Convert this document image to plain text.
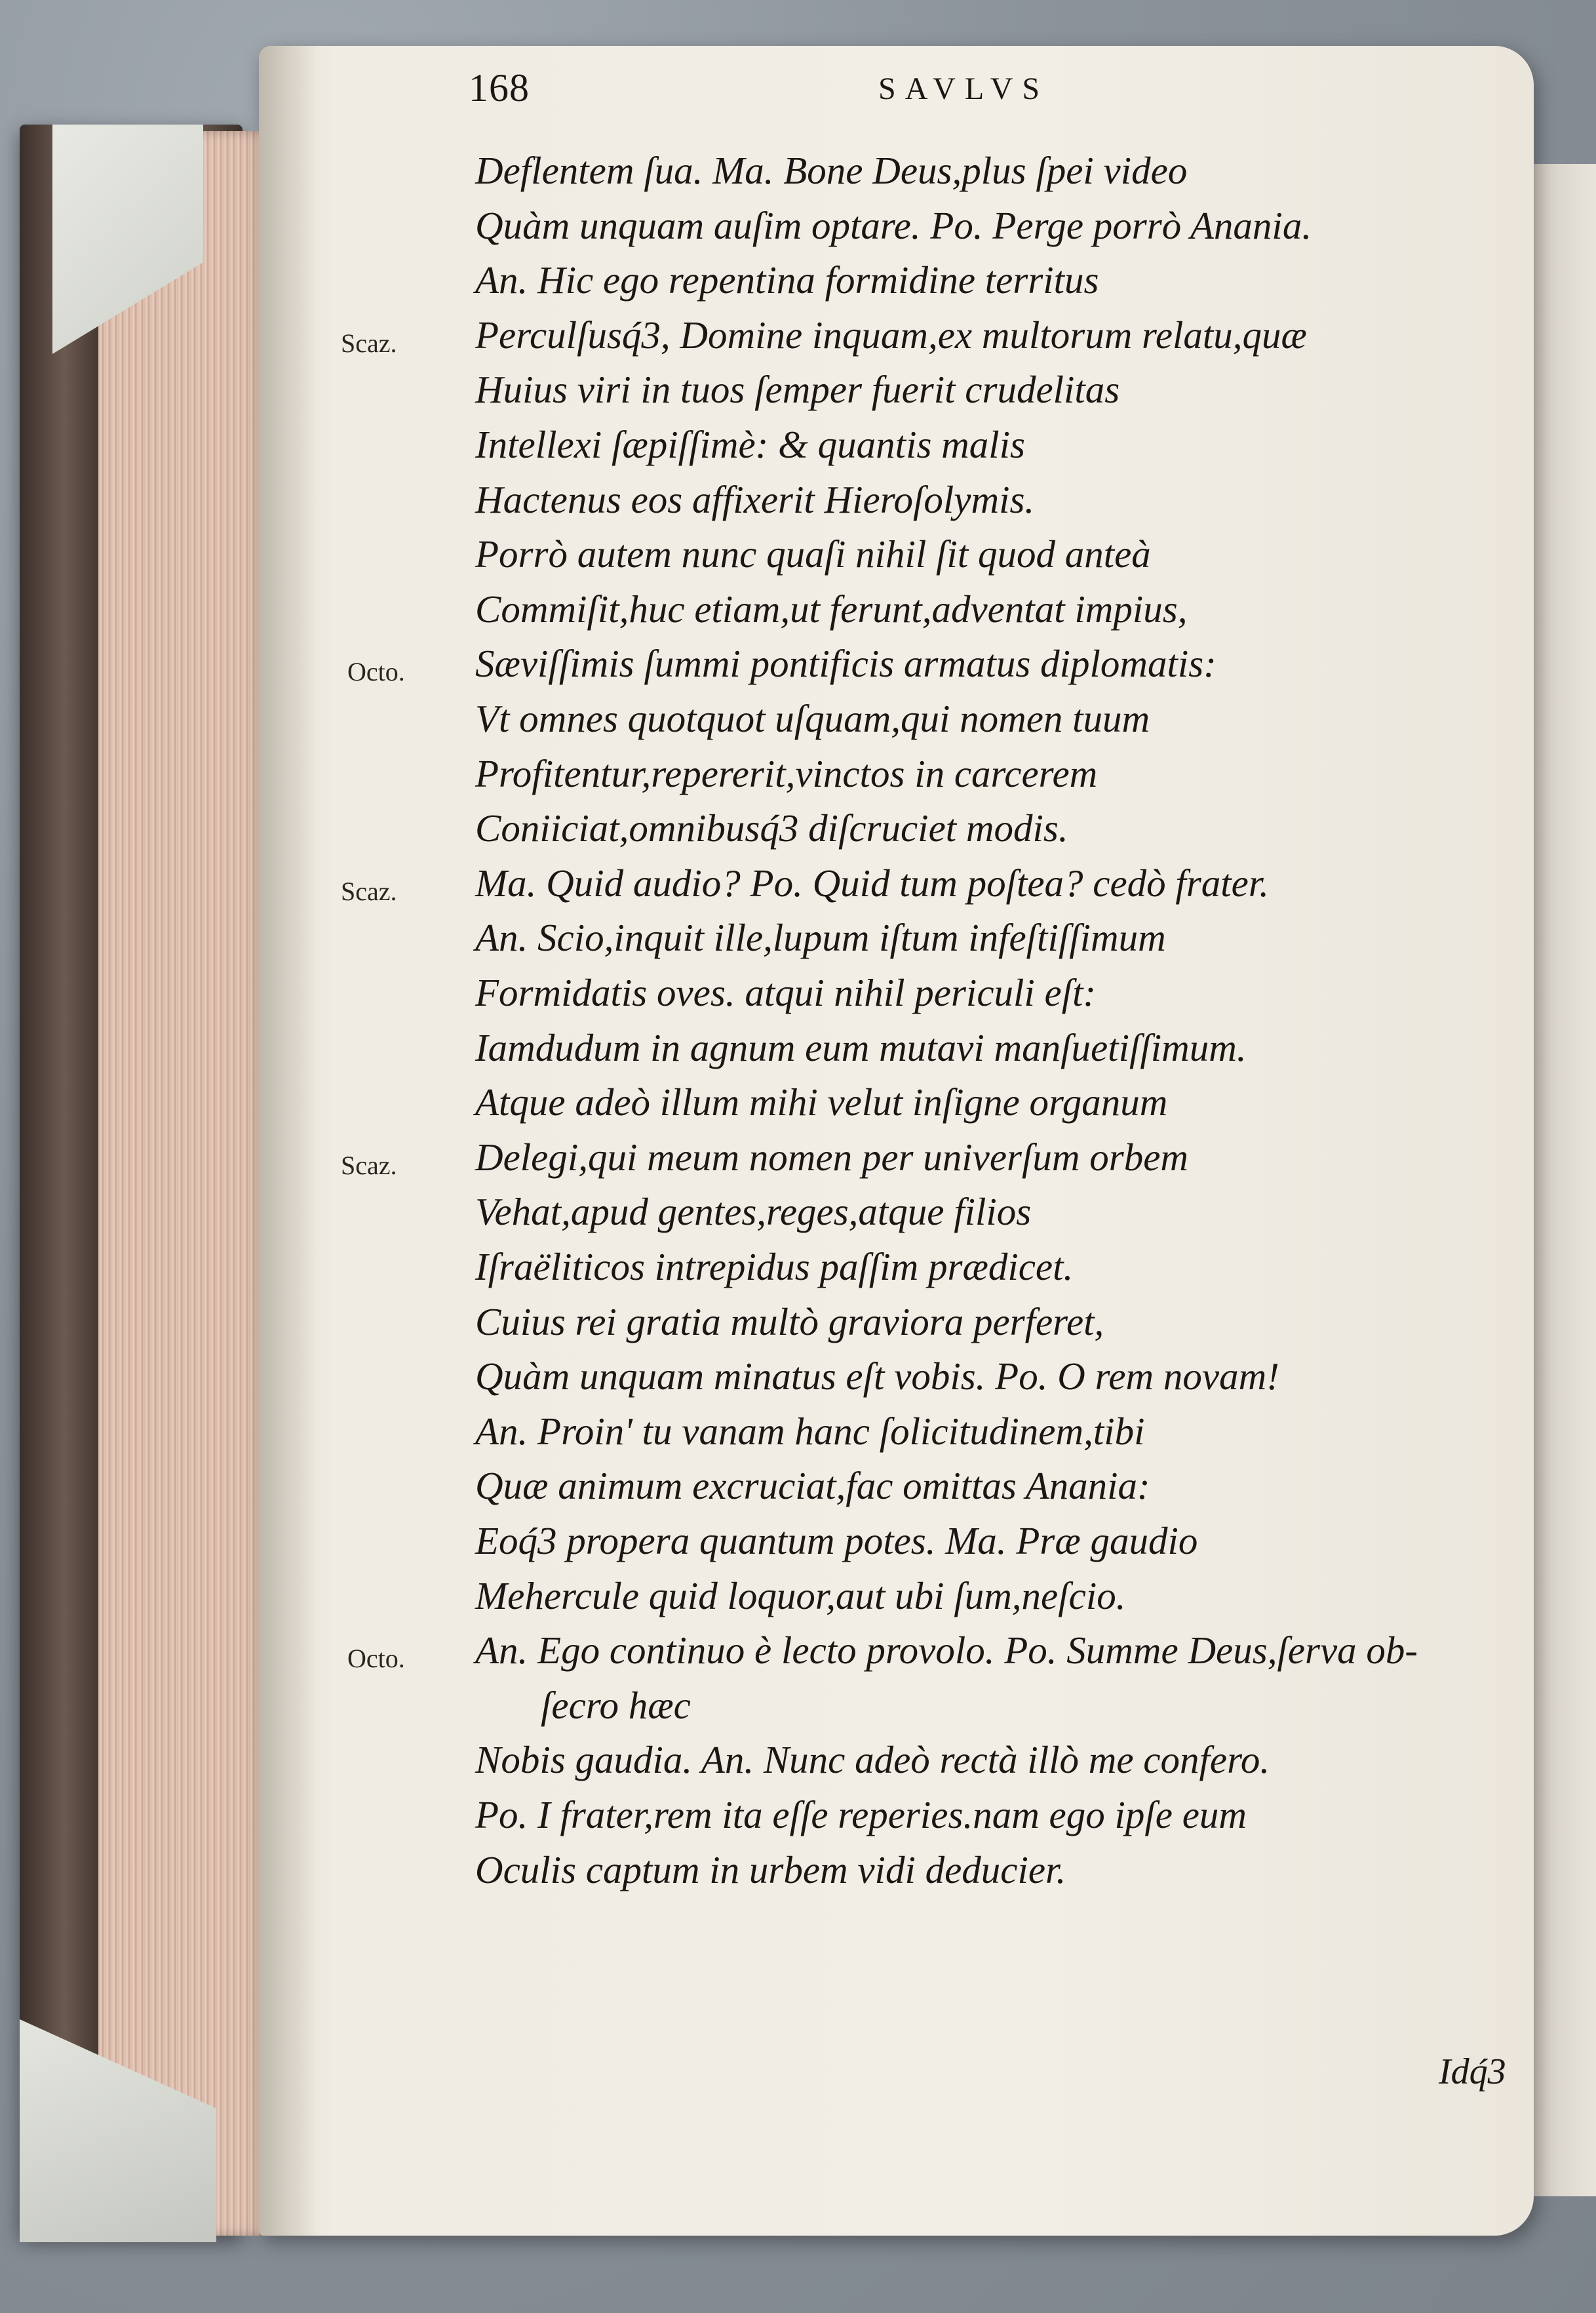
168	SAVLVS
Deflentem ſua. Ma. Bone Deus,plus ſpei video
Quàm unquam auſim optare. Po. Perge porrò Anania.
An. Hic ego repentina formidine territus
Perculſusq́3, Domine inquam,ex multorum relatu,quæ
Scaz.
Huius viri in tuos ſemper fuerit crudelitas
Intellexi ſæpiſſimè: & quantis malis
Hactenus eos affixerit Hieroſolymis.
Porrò autem nunc quaſi nihil ſit quod anteà
Commiſit,huc etiam,ut ferunt,adventat impius,
Sæviſſimis ſummi pontificis armatus diplomatis:
Octo.
Vt omnes quotquot uſquam,qui nomen tuum
Profitentur,repererit,vinctos in carcerem
Coniiciat,omnibusq́3 diſcruciet modis.
Ma. Quid audio? Po. Quid tum poſtea? cedò frater.
Scaz.
An. Scio,inquit ille,lupum iſtum infeſtiſſimum
Formidatis oves. atqui nihil periculi eſt:
Iamdudum in agnum eum mutavi manſuetiſſimum.
Atque adeò illum mihi velut inſigne organum
Delegi,qui meum nomen per univerſum orbem
Scaz.
Vehat,apud gentes,reges,atque filios
Iſraëliticos intrepidus paſſim prædicet.
Cuius rei gratia multò graviora perferet,
Quàm unquam minatus eſt vobis. Po. O rem novam!
An. Proin' tu vanam hanc ſolicitudinem,tibi
Quæ animum excruciat,fac omittas Anania:
Eoq́3 propera quantum potes. Ma. Præ gaudio
Mehercule quid loquor,aut ubi ſum,neſcio.
An. Ego continuo è lecto provolo. Po. Summe Deus,ſerva ob-
Octo.
ſecro hæc
Nobis gaudia. An. Nunc adeò rectà illò me confero.
Po. I frater,rem ita eſſe reperies.nam ego ipſe eum
Oculis captum in urbem vidi deducier.
Idq́3
